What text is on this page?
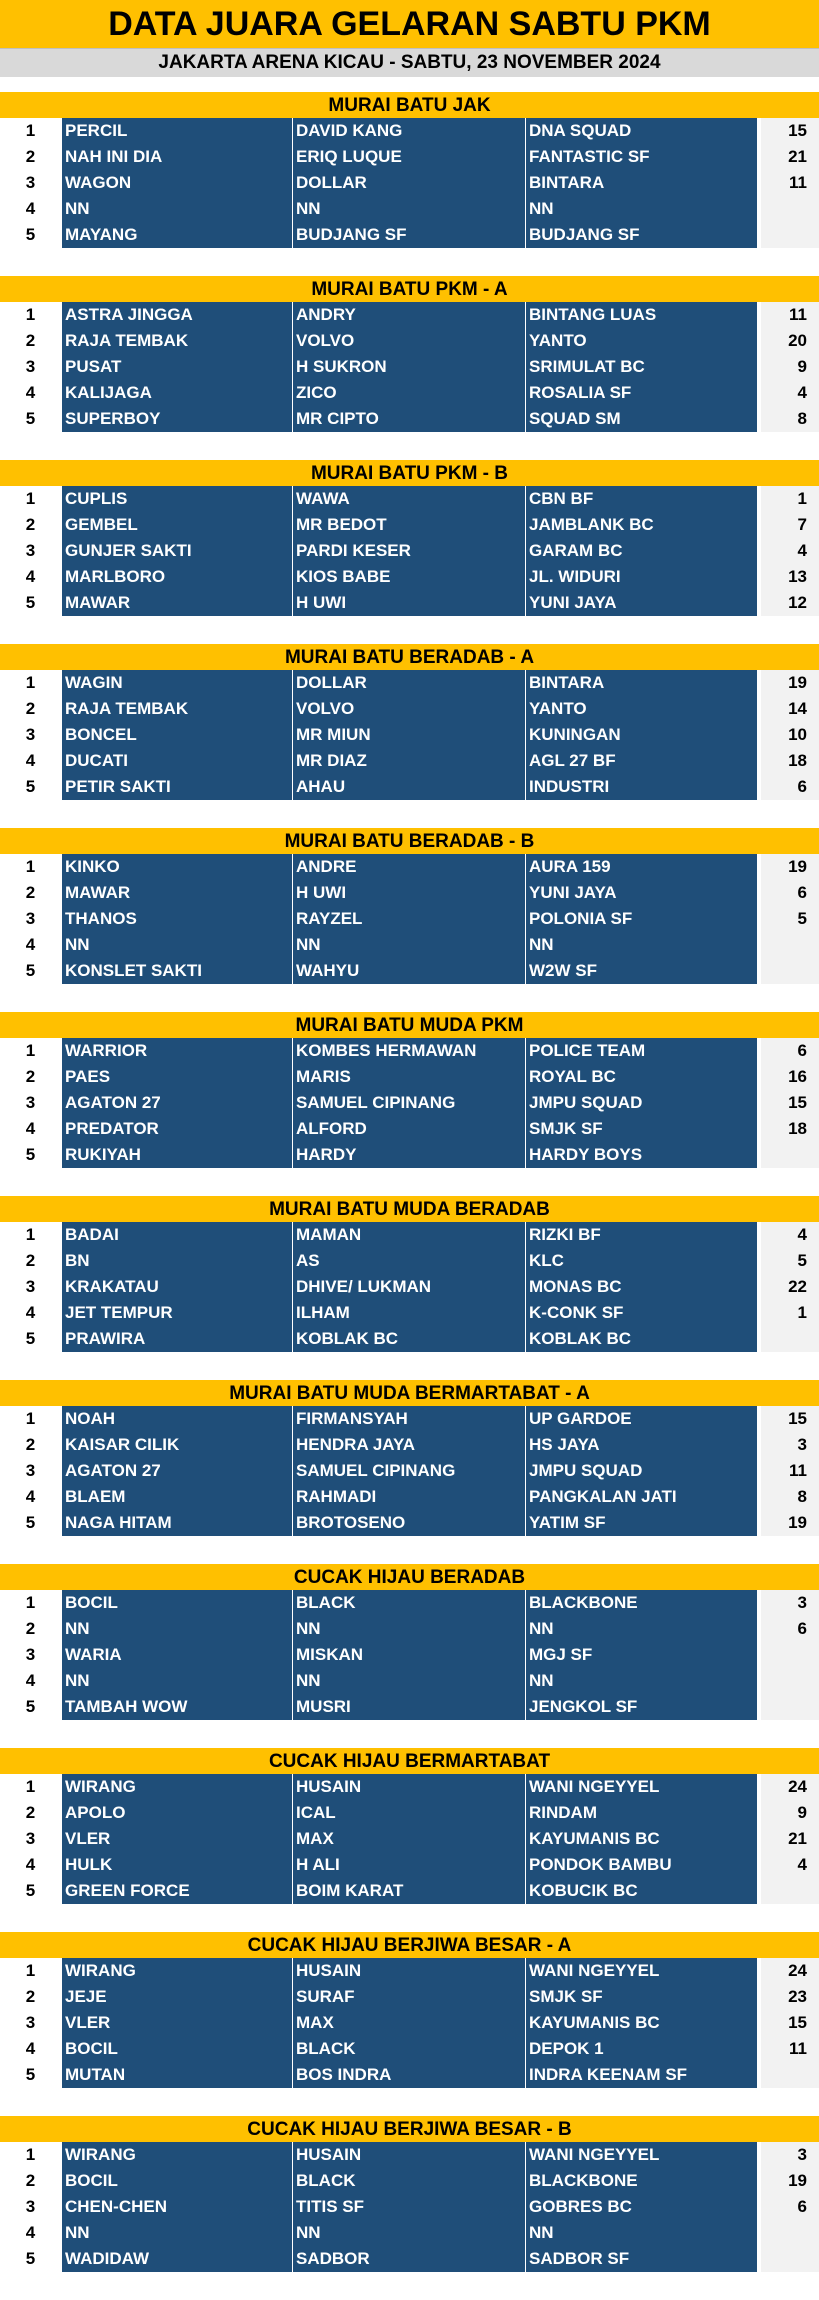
DATA JUARA GELARAN SABTU PKM
JAKARTA ARENA KICAU - SABTU, 23 NOVEMBER 2024
MURAI BATU JAK
1	PERCIL	DAVID KANG	DNA SQUAD	15
2	NAH INI DIA	ERIQ LUQUE	FANTASTIC SF	21
3	WAGON	DOLLAR	BINTARA	11
4	NN	NN	NN
5	MAYANG	BUDJANG SF	BUDJANG SF
MURAI BATU PKM - A
1	ASTRA JINGGA	ANDRY	BINTANG LUAS	11
2	RAJA TEMBAK	VOLVO	YANTO	20
3	PUSAT	H SUKRON	SRIMULAT BC	9
4	KALIJAGA	ZICO	ROSALIA SF	4
5	SUPERBOY	MR CIPTO	SQUAD SM	8
MURAI BATU PKM - B
1	CUPLIS	WAWA	CBN BF	1
2	GEMBEL	MR BEDOT	JAMBLANK BC	7
3	GUNJER SAKTI	PARDI KESER	GARAM BC	4
4	MARLBORO	KIOS BABE	JL. WIDURI	13
5	MAWAR	H UWI	YUNI JAYA	12
MURAI BATU BERADAB - A
1	WAGIN	DOLLAR	BINTARA	19
2	RAJA TEMBAK	VOLVO	YANTO	14
3	BONCEL	MR MIUN	KUNINGAN	10
4	DUCATI	MR DIAZ	AGL 27 BF	18
5	PETIR SAKTI	AHAU	INDUSTRI	6
MURAI BATU BERADAB - B
1	KINKO	ANDRE	AURA 159	19
2	MAWAR	H UWI	YUNI JAYA	6
3	THANOS	RAYZEL	POLONIA SF	5
4	NN	NN	NN
5	KONSLET SAKTI	WAHYU	W2W SF
MURAI BATU MUDA PKM
1	WARRIOR	KOMBES HERMAWAN	POLICE TEAM	6
2	PAES	MARIS	ROYAL BC	16
3	AGATON 27	SAMUEL CIPINANG	JMPU SQUAD	15
4	PREDATOR	ALFORD	SMJK SF	18
5	RUKIYAH	HARDY	HARDY BOYS
MURAI BATU MUDA BERADAB
1	BADAI	MAMAN	RIZKI BF	4
2	BN	AS	KLC	5
3	KRAKATAU	DHIVE/ LUKMAN	MONAS BC	22
4	JET TEMPUR	ILHAM	K-CONK SF	1
5	PRAWIRA	KOBLAK BC	KOBLAK BC
MURAI BATU MUDA BERMARTABAT - A
1	NOAH	FIRMANSYAH	UP GARDOE	15
2	KAISAR CILIK	HENDRA JAYA	HS JAYA	3
3	AGATON 27	SAMUEL CIPINANG	JMPU SQUAD	11
4	BLAEM	RAHMADI	PANGKALAN JATI	8
5	NAGA HITAM	BROTOSENO	YATIM SF	19
CUCAK HIJAU BERADAB
1	BOCIL	BLACK	BLACKBONE	3
2	NN	NN	NN	6
3	WARIA	MISKAN	MGJ SF
4	NN	NN	NN
5	TAMBAH WOW	MUSRI	JENGKOL SF
CUCAK HIJAU BERMARTABAT
1	WIRANG	HUSAIN	WANI NGEYYEL	24
2	APOLO	ICAL	RINDAM	9
3	VLER	MAX	KAYUMANIS BC	21
4	HULK	H ALI	PONDOK BAMBU	4
5	GREEN FORCE	BOIM KARAT	KOBUCIK BC
CUCAK HIJAU BERJIWA BESAR - A
1	WIRANG	HUSAIN	WANI NGEYYEL	24
2	JEJE	SURAF	SMJK SF	23
3	VLER	MAX	KAYUMANIS BC	15
4	BOCIL	BLACK	DEPOK 1	11
5	MUTAN	BOS INDRA	INDRA KEENAM SF
CUCAK HIJAU BERJIWA BESAR - B
1	WIRANG	HUSAIN	WANI NGEYYEL	3
2	BOCIL	BLACK	BLACKBONE	19
3	CHEN-CHEN	TITIS SF	GOBRES BC	6
4	NN	NN	NN
5	WADIDAW	SADBOR	SADBOR SF
